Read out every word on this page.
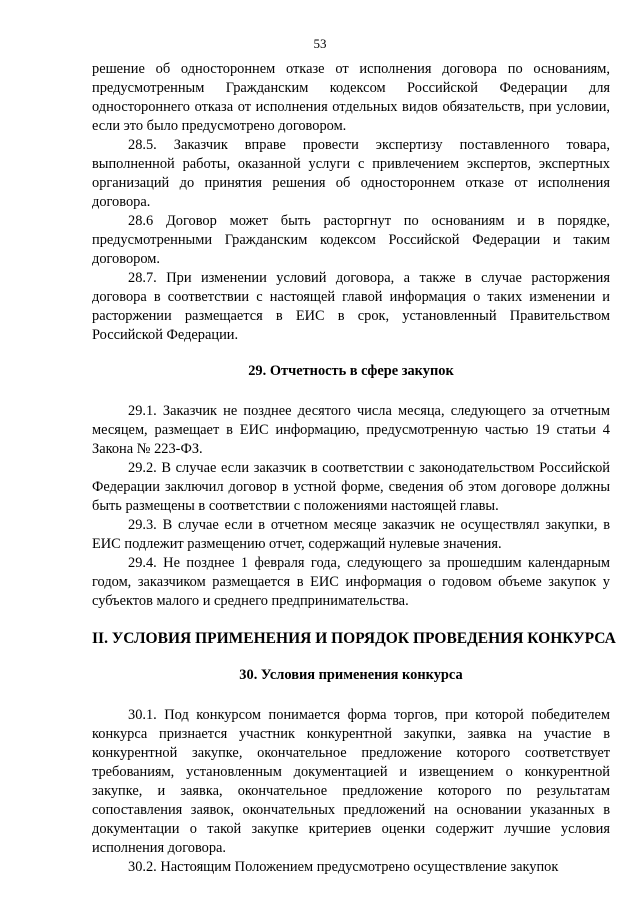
53

решение об одностороннем отказе от исполнения договора по основаниям, предусмотренным Гражданским кодексом Российской Федерации для одностороннего отказа от исполнения отдельных видов обязательств, при условии, если это было предусмотрено договором.

28.5. Заказчик вправе провести экспертизу поставленного товара, выполненной работы, оказанной услуги с привлечением экспертов, экспертных организаций до принятия решения об одностороннем отказе от исполнения договора.

28.6 Договор может быть расторгнут по основаниям и в порядке, предусмотренными Гражданским кодексом Российской Федерации и таким договором.

28.7. При изменении условий договора, а также в случае расторжения договора в соответствии с настоящей главой информация о таких изменении и расторжении размещается в ЕИС в срок, установленный Правительством Российской Федерации.

29. Отчетность в сфере закупок

29.1. Заказчик не позднее десятого числа месяца, следующего за отчетным месяцем, размещает в ЕИС информацию, предусмотренную частью 19 статьи 4 Закона № 223-ФЗ.

29.2. В случае если заказчик в соответствии с законодательством Российской Федерации заключил договор в устной форме, сведения об этом договоре должны быть размещены в соответствии с положениями настоящей главы.

29.3. В случае если в отчетном месяце заказчик не осуществлял закупки, в ЕИС подлежит размещению отчет, содержащий нулевые значения.

29.4. Не позднее 1 февраля года, следующего за прошедшим календарным годом, заказчиком размещается в ЕИС информация о годовом объеме закупок у субъектов малого и среднего предпринимательства.

II. УСЛОВИЯ ПРИМЕНЕНИЯ И ПОРЯДОК ПРОВЕДЕНИЯ КОНКУРСА
30. Условия применения конкурса

30.1. Под конкурсом понимается форма торгов, при которой победителем конкурса признается участник конкурентной закупки, заявка на участие в конкурентной закупке, окончательное предложение которого соответствует требованиям, установленным документацией и извещением о конкурентной закупке, и заявка, окончательное предложение которого по результатам сопоставления заявок, окончательных предложений на основании указанных в документации о такой закупке критериев оценки содержит лучшие условия исполнения договора.

30.2. Настоящим Положением предусмотрено осуществление закупок
